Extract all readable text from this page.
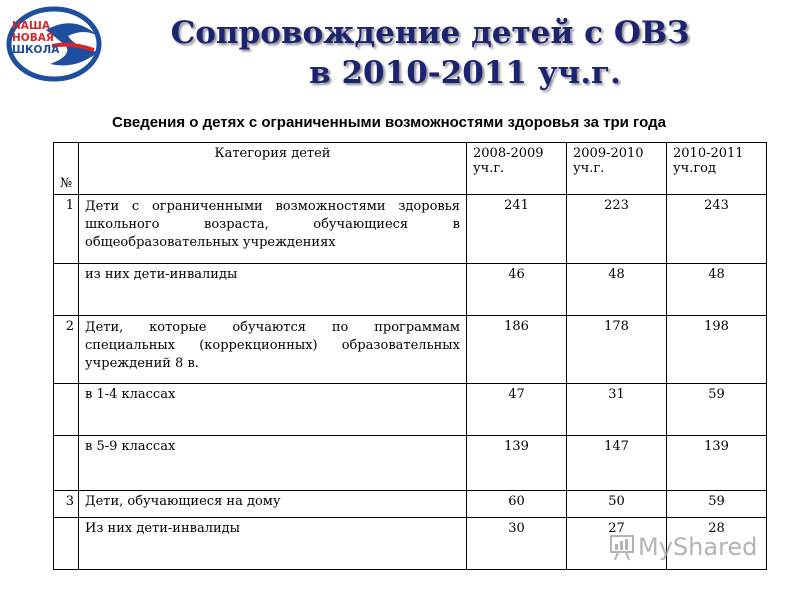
НАША
НОВАЯ
ШКОЛА	Сопровождение детей с ОВЗ
в 2010-2011 уч.г.
Сведения о детях с ограниченными возможностями здоровья за три года
№	Категория детей	2008-2009 уч.г.	2009-2010 уч.г.	2010-2011 уч.год
1	Дети с ограниченными возможностями здоровья школьного возраста, обучающиеся в общеобразовательных учреждениях	241	223	243
	из них дети-инвалиды	46	48	48
2	Дети, которые обучаются по программам специальных (коррекционных) образовательных учреждений 8 в.	186	178	198
	в 1-4 классах	47	31	59
	в 5-9 классах	139	147	139
3	Дети, обучающиеся на дому	60	50	59
	Из них дети-инвалиды	30	27	28
MyShared
